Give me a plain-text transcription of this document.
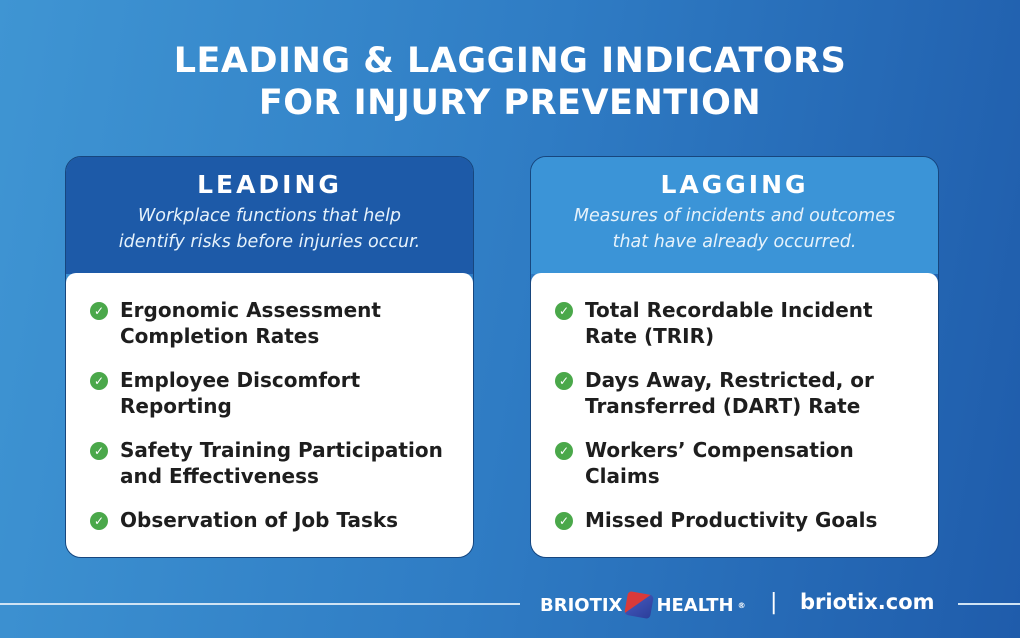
LEADING & LAGGING INDICATORS
FOR INJURY PREVENTION
LEADING

Workplace functions that help
identify risks before injuries occur.

✓ Ergonomic Assessment
Completion Rates
✓ Employee Discomfort
Reporting
✓ Safety Training Participation
and Effectiveness
✓ Observation of Job Tasks
LAGGING

Measures of incidents and outcomes
that have already occurred.

✓ Total Recordable Incident
Rate (TRIR)
✓ Days Away, Restricted, or
Transferred (DART) Rate
✓ Workers’ Compensation
Claims
✓ Missed Productivity Goals
BRIOTIX HEALTH ® | briotix.com
